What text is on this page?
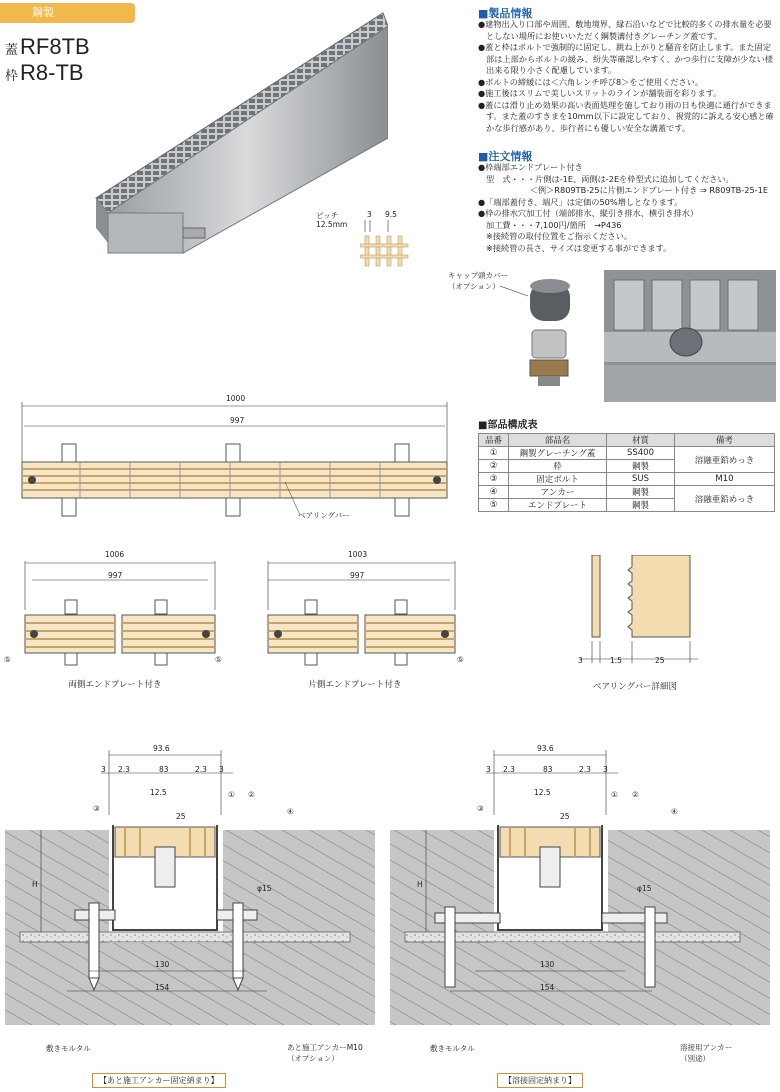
鋼製
蓋RF8TB
枠R8-TB
ピッチ
12.5mm
3 9.5
■製品情報

●建物出入り口部や周囲、敷地境界、縁石沿いなどで比較的多くの排水量を必要としない場所にお使いいただく鋼製溝付きグレーチング蓋です。

●蓋と枠はボルトで強制的に固定し、跳ね上がりと騒音を防止します。また固定部は上部からボルトの緩み、紛失等確認しやすく、かつ歩行に支障が少ない様出来る限り小さく配慮しています。

●ボルトの締緩には＜六角レンチ呼び8＞をご使用ください。

●施工後はスリムで美しいスリットのラインが舗装面を彩ります。

●蓋には滑り止め効果の高い表面処理を施しており雨の日も快適に通行ができます。また蓋のすきまを10mm以下に設定しており、視覚的に訴える安心感と確かな歩行感があり、歩行者にも優しい安全な溝蓋です。

■注文情報

●枠端部エンドプレート付き

型　式・・・片側は-1E、両側は-2Eを枠型式に追加してください。

＜例＞R809TB-25に片側エンドプレート付き ⇒ R809TB-25-1E

●「端部蓋付き、端尺」は定価の50%増しとなります。

●枠の排水穴加工付（端部排水、縦引き排水、横引き排水）

加工費・・・7,100円/箇所　→P436

※接続管の取付位置をご指示ください。

※接続管の長さ、サイズは変更する事ができます。

キャップ頭カバー
（オプション）
1000
997
ベアリングバー
■部品構成表
品番	部品名	材質	備考
①	鋼製グレーチング蓋	SS400	溶融亜鉛めっき
②	枠	鋼製	
③	固定ボルト	SUS	M10
④	アンカー	鋼製	溶融亜鉛めっき
⑤	エンドプレート	鋼製	
1006
997
1003
997
⑤	⑤	⑤
両側エンドプレート付き	片側エンドプレート付き
3	1.5	25
ベアリングバー詳細図
93.6
3 2.3	83	2.3 3
12.5
25
H	φ15
130
154
③
① ②
④
敷きモルタル	あと施工アンカーM10
（オプション）
【あと施工アンカー固定納まり】
93.6
3 2.3	83	2.3 3
12.5
25
H	φ15
130
154
③
① ②
④
敷きモルタル	溶接用アンカー
（別途）
【溶接固定納まり】
